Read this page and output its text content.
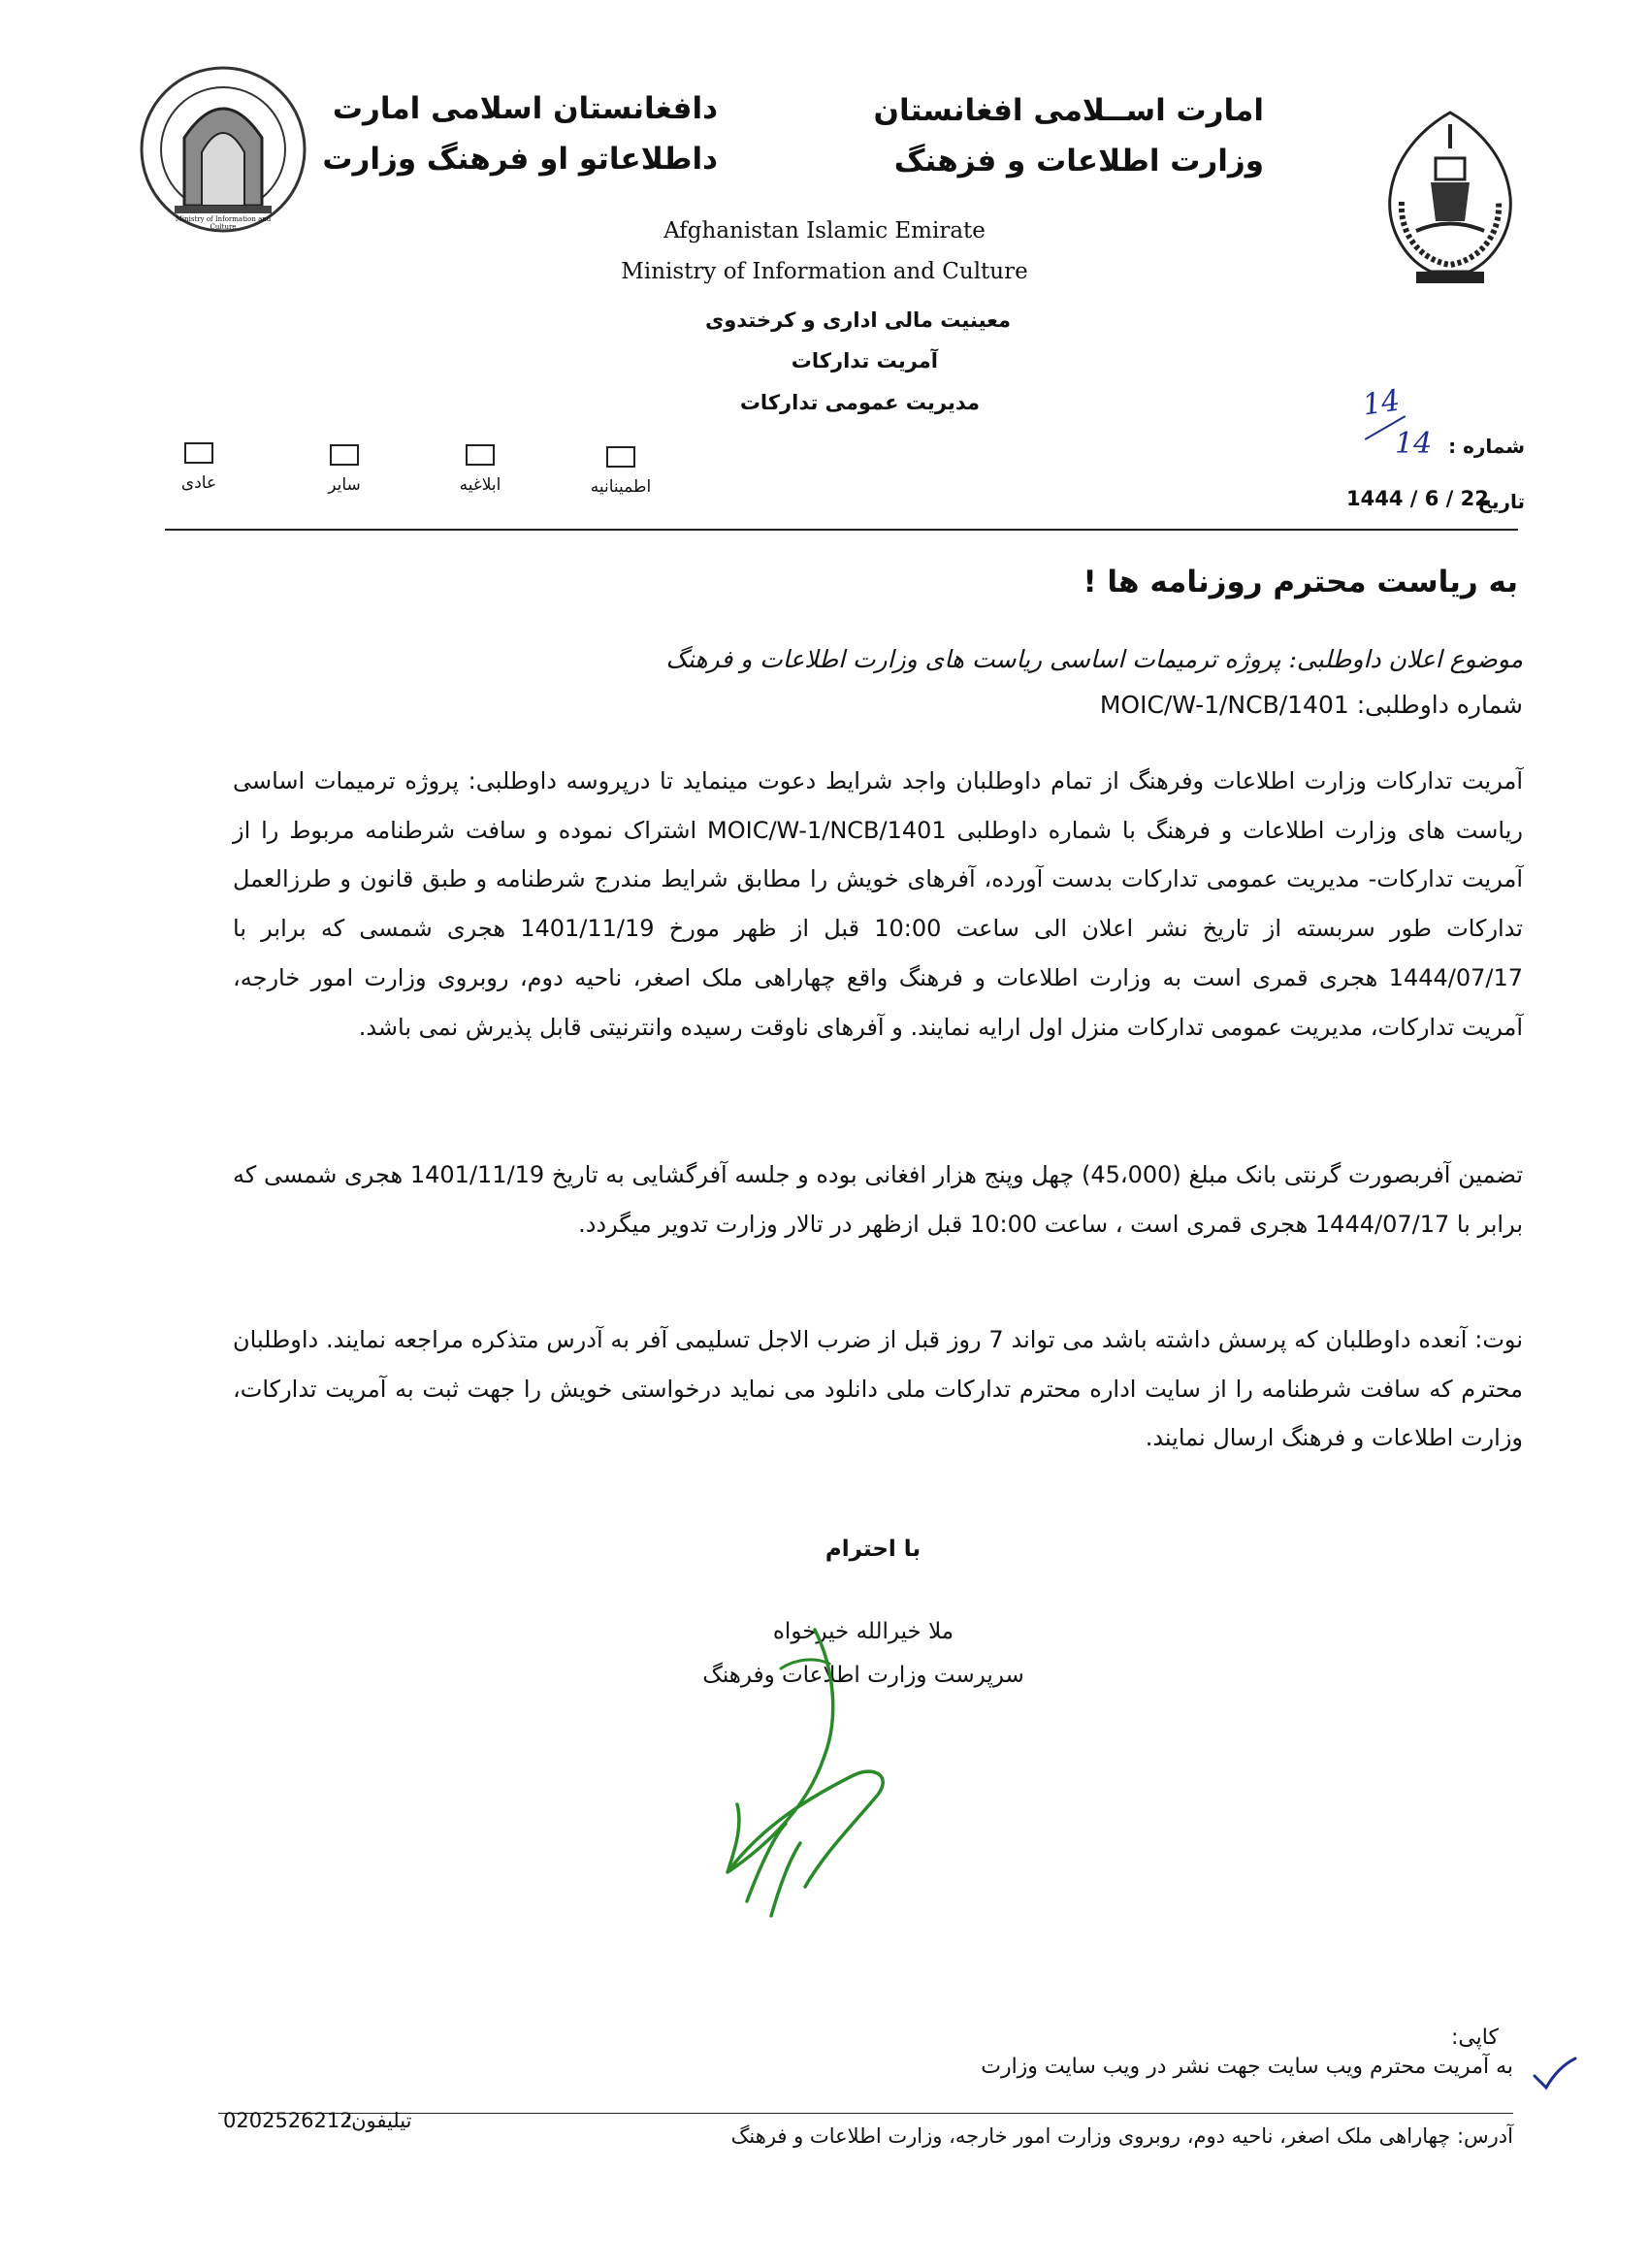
Ministry of Information and Culture
امارت اســلامی افغانستان
وزارت اطلاعات و فزهنگ
دافغانستان اسلامی امارت
داطلاعاتو او فرهنگ وزارت
Afghanistan Islamic Emirate
Ministry of Information and Culture
معینیت مالی اداری و کرختدوی
آمریت تدارکات
مدیریت عمومی تدارکات
اطمینانیه
ابلاغیه
سایر
عادی
شماره :
14
14
تاریخ
1444 / 6 / 22
به ریاست محترم روزنامه ها !
موضوع اعلان داوطلبی: پروژه ترمیمات اساسی ریاست های وزارت اطلاعات و فرهنگ
شماره داوطلبی: MOIC/W-1/NCB/1401
آمریت تدارکات وزارت اطلاعات وفرهنگ از تمام داوطلبان واجد شرایط دعوت مینماید تا درپروسه داوطلبی: پروژه ترمیمات اساسی ریاست های وزارت اطلاعات و فرهنگ با شماره داوطلبی MOIC/W-1/NCB/1401 اشتراک نموده و سافت شرطنامه مربوط را از آمریت تدارکات- مدیریت عمومی تدارکات بدست آورده، آفرهای خویش را مطابق شرایط مندرج شرطنامه و طبق قانون و طرزالعمل تدارکات طور سربسته از تاریخ نشر اعلان الی ساعت 10:00 قبل از ظهر مورخ 1401/11/19 هجری شمسی که برابر با 1444/07/17 هجری قمری است به وزارت اطلاعات و فرهنگ واقع چهاراهی ملک اصغر، ناحیه دوم، روبروی وزارت امور خارجه، آمریت تدارکات، مدیریت عمومی تدارکات منزل اول ارایه نمایند. و آفرهای ناوقت رسیده وانترنیتی قابل پذیرش نمی باشد.
تضمین آفربصورت گرنتی بانک مبلغ (45،000) چهل وپنج هزار افغانی بوده و جلسه آفرگشایی به تاریخ 1401/11/19 هجری شمسی که برابر با 1444/07/17 هجری قمری است ، ساعت 10:00 قبل ازظهر در تالار وزارت تدویر میگردد.
نوت: آنعده داوطلبان که پرسش داشته باشد می تواند 7 روز قبل از ضرب الاجل تسلیمی آفر به آدرس متذکره مراجعه نمایند. داوطلبان محترم که سافت شرطنامه را از سایت اداره محترم تدارکات ملی دانلود می نماید درخواستی خویش را جهت ثبت به آمریت تدارکات، وزارت اطلاعات و فرهنگ ارسال نمایند.
با احترام
ملا خیرالله خیرخواه
سرپرست وزارت اطلاعات وفرهنگ
کاپی:
به آمریت محترم ویب سایت جهت نشر در ویب سایت وزارت
آدرس: چهاراهی ملک اصغر، ناحیه دوم، روبروی وزارت امور خارجه، وزارت اطلاعات و فرهنگ
تیلیفون:
0202526212
